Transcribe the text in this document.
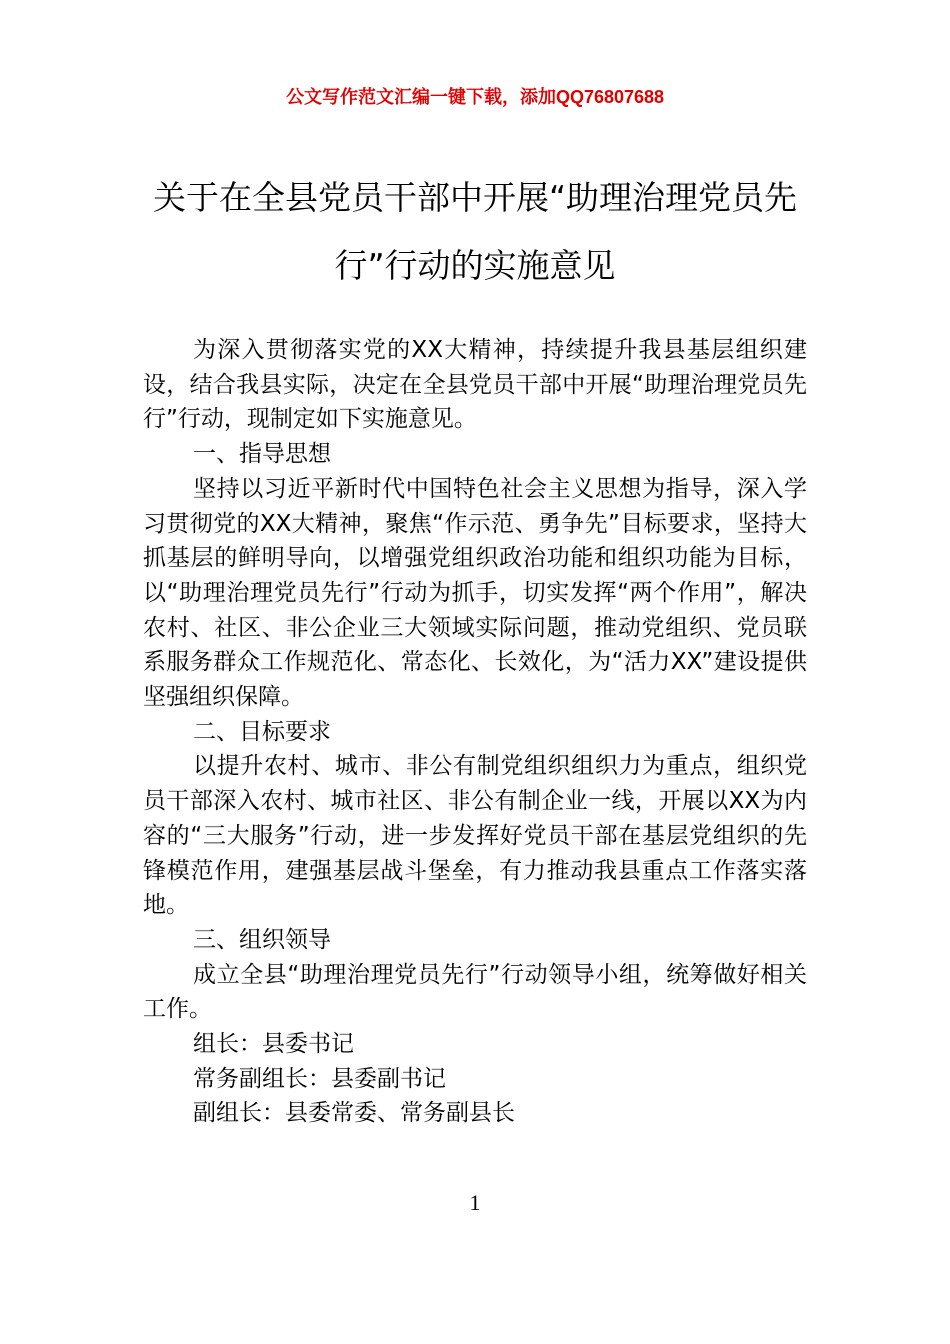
公文写作范文汇编一键下载，添加QQ76807688
关于在全县党员干部中开展“助理治理党员先行”行动的实施意见

为深入贯彻落实党的XX大精神，持续提升我县基层组织建设，结合我县实际，决定在全县党员干部中开展“助理治理党员先行”行动，现制定如下实施意见。

一、指导思想

坚持以习近平新时代中国特色社会主义思想为指导，深入学习贯彻党的XX大精神，聚焦“作示范、勇争先”目标要求，坚持大抓基层的鲜明导向，以增强党组织政治功能和组织功能为目标，以“助理治理党员先行”行动为抓手，切实发挥“两个作用”，解决农村、社区、非公企业三大领域实际问题，推动党组织、党员联系服务群众工作规范化、常态化、长效化，为“活力XX”建设提供坚强组织保障。

二、目标要求

以提升农村、城市、非公有制党组织组织力为重点，组织党员干部深入农村、城市社区、非公有制企业一线，开展以XX为内容的“三大服务”行动，进一步发挥好党员干部在基层党组织的先锋模范作用，建强基层战斗堡垒，有力推动我县重点工作落实落地。

三、组织领导

成立全县“助理治理党员先行”行动领导小组，统筹做好相关工作。

组长：县委书记

常务副组长：县委副书记

副组长：县委常委、常务副县长

1
